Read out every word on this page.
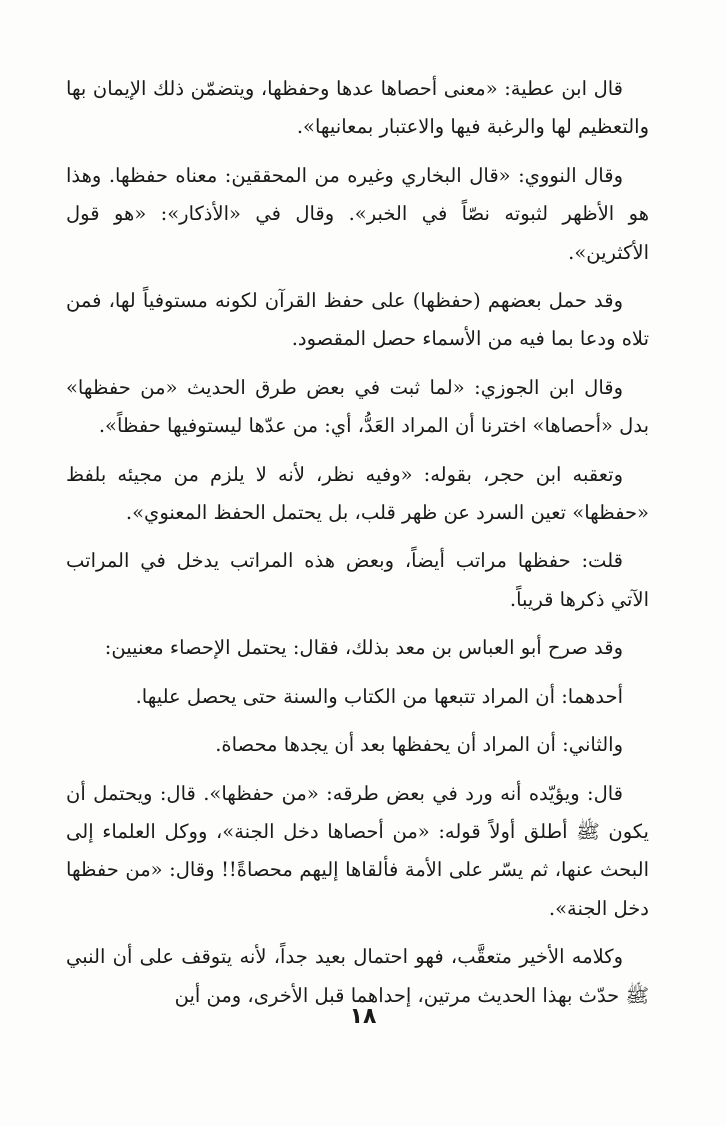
قال ابن عطية: «معنى أحصاها عدها وحفظها، ويتضمّن ذلك الإيمان بها والتعظيم لها والرغبة فيها والاعتبار بمعانيها».

وقال النووي: «قال البخاري وغيره من المحققين: معناه حفظها. وهذا هو الأظهر لثبوته نصّاً في الخبر». وقال في «الأذكار»: «هو قول الأكثرين».

وقد حمل بعضهم (حفظها) على حفظ القرآن لكونه مستوفياً لها، فمن تلاه ودعا بما فيه من الأسماء حصل المقصود.

وقال ابن الجوزي: «لما ثبت في بعض طرق الحديث «من حفظها» بدل «أحصاها» اخترنا أن المراد العَدُّ، أي: من عدّها ليستوفيها حفظاً».

وتعقبه ابن حجر، بقوله: «وفيه نظر، لأنه لا يلزم من مجيئه بلفظ «حفظها» تعين السرد عن ظهر قلب، بل يحتمل الحفظ المعنوي».

قلت: حفظها مراتب أيضاً، وبعض هذه المراتب يدخل في المراتب الآتي ذكرها قريباً.

وقد صرح أبو العباس بن معد بذلك، فقال: يحتمل الإحصاء معنيين:

أحدهما: أن المراد تتبعها من الكتاب والسنة حتى يحصل عليها.

والثاني: أن المراد أن يحفظها بعد أن يجدها محصاة.

قال: ويؤيّده أنه ورد في بعض طرقه: «من حفظها». قال: ويحتمل أن يكون ﷺ أطلق أولاً قوله: «من أحصاها دخل الجنة»، ووكل العلماء إلى البحث عنها، ثم يسّر على الأمة فألقاها إليهم محصاةً!! وقال: «من حفظها دخل الجنة».

وكلامه الأخير متعقَّب، فهو احتمال بعيد جداً، لأنه يتوقف على أن النبي ﷺ حدّث بهذا الحديث مرتين، إحداهما قبل الأخرى، ومن أين

١٨
